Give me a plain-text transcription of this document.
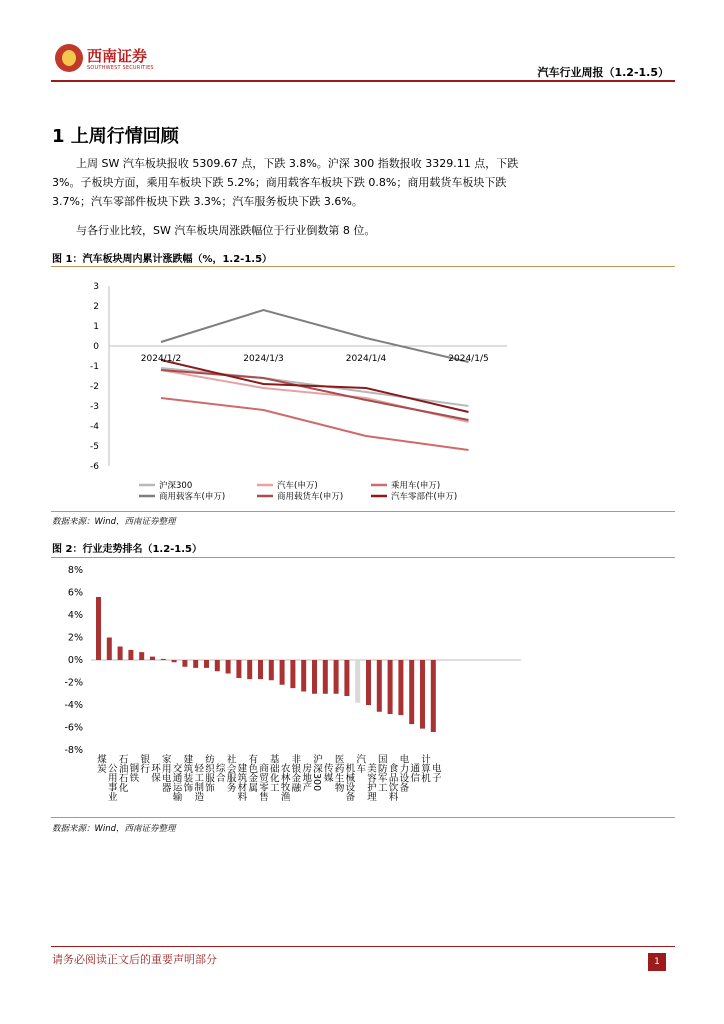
西南证券
SOUTHWEST SECURITIES	汽车行业周报（1.2-1.5）
1 上周行情回顾
上周 SW 汽车板块报收 5309.67 点，下跌 3.8%。沪深 300 指数报收 3329.11 点，下跌 3%。子板块方面，乘用车板块下跌 5.2%；商用载客车板块下跌 0.8%；商用载货车板块下跌 3.7%；汽车零部件板块下跌 3.3%；汽车服务板块下跌 3.6%。
与各行业比较，SW 汽车板块周涨跌幅位于行业倒数第 8 位。
图 1：汽车板块周内累计涨跌幅（%，1.2-1.5）
3
2
1
0
-1
-2
-3
-4
-5
-6
2024/1/2	2024/1/3	2024/1/4	2024/1/5
沪深300	汽车(申万)	乘用车(申万)
商用载客车(申万)	商用载货车(申万)	汽车零部件(申万)
数据来源：Wind，西南证券整理
图 2：行业走势排名（1.2-1.5）
8%
6%
4%
2%
0%
-2%
-4%
-6%
-8%
煤炭 公用事业 石油石化 钢铁 银行 环保 家用电器 交通运输 建筑装饰 轻工制造 纺织服饰 综合 社会服务 建筑材料 有色金属 商贸零售 基础化工 农林牧渔 非银金融 房地产 沪深300 传媒 医药生物 机械设备 汽车 美容护理 国防军工 食品饮料 电力设备 通信 计算机 电子
数据来源：Wind，西南证券整理
请务必阅读正文后的重要声明部分	1
